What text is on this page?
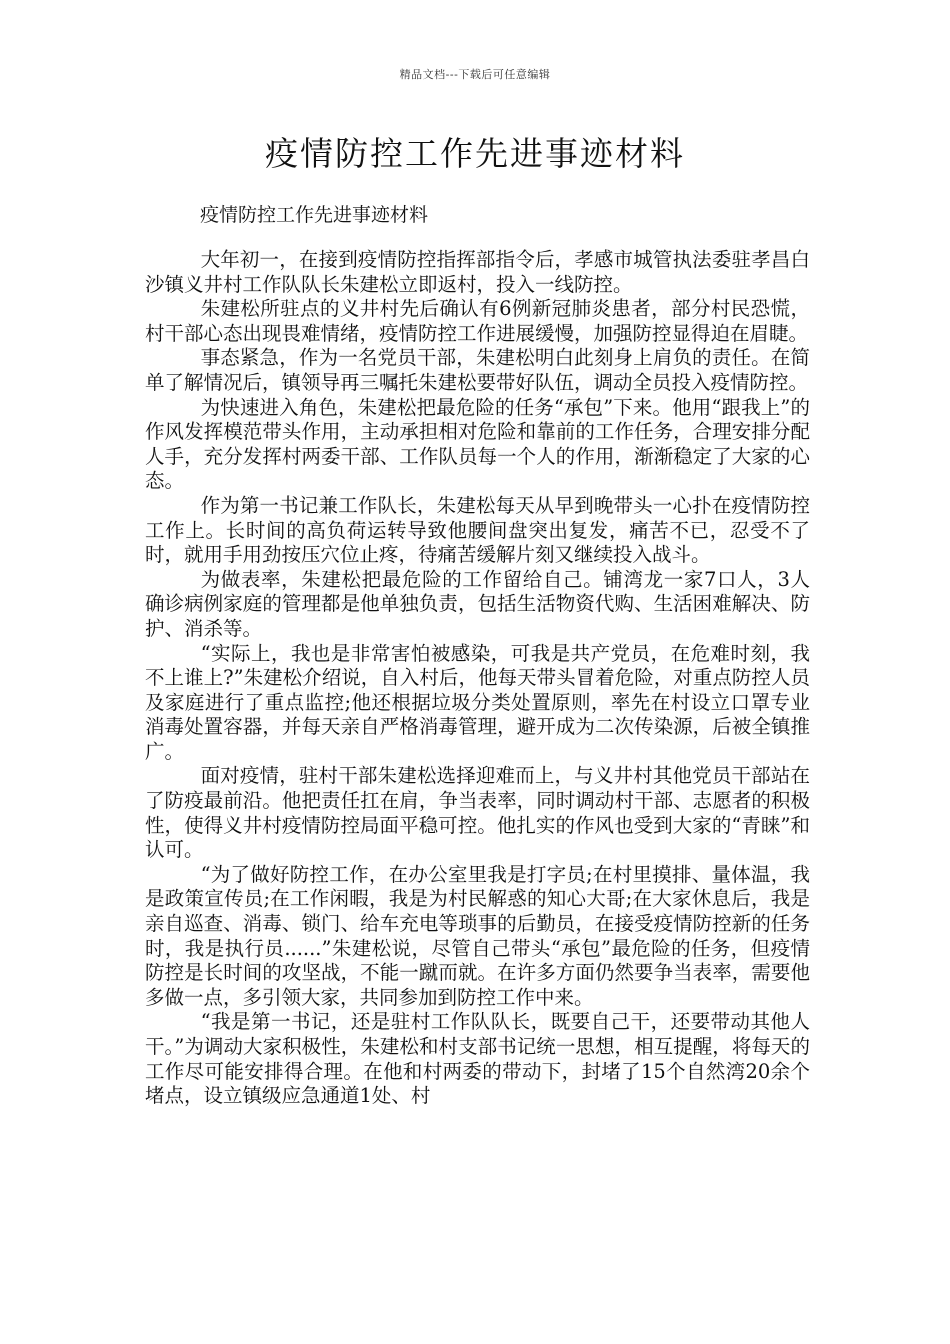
精品文档---下载后可任意编辑
疫情防控工作先进事迹材料

疫情防控工作先进事迹材料

大年初一，在接到疫情防控指挥部指令后，孝感市城管执法委驻孝昌白沙镇义井村工作队队长朱建松立即返村，投入一线防控。

朱建松所驻点的义井村先后确认有6例新冠肺炎患者，部分村民恐慌，村干部心态出现畏难情绪，疫情防控工作进展缓慢，加强防控显得迫在眉睫。

事态紧急，作为一名党员干部，朱建松明白此刻身上肩负的责任。在简单了解情况后，镇领导再三嘱托朱建松要带好队伍，调动全员投入疫情防控。

为快速进入角色，朱建松把最危险的任务“承包”下来。他用“跟我上”的作风发挥模范带头作用，主动承担相对危险和靠前的工作任务，合理安排分配人手，充分发挥村两委干部、工作队员每一个人的作用，渐渐稳定了大家的心态。

作为第一书记兼工作队长，朱建松每天从早到晚带头一心扑在疫情防控工作上。长时间的高负荷运转导致他腰间盘突出复发，痛苦不已，忍受不了时，就用手用劲按压穴位止疼，待痛苦缓解片刻又继续投入战斗。

为做表率，朱建松把最危险的工作留给自己。铺湾龙一家7口人，3人确诊病例家庭的管理都是他单独负责，包括生活物资代购、生活困难解决、防护、消杀等。

“实际上，我也是非常害怕被感染，可我是共产党员，在危难时刻，我不上谁上?”朱建松介绍说，自入村后，他每天带头冒着危险，对重点防控人员及家庭进行了重点监控;他还根据垃圾分类处置原则，率先在村设立口罩专业消毒处置容器，并每天亲自严格消毒管理，避开成为二次传染源，后被全镇推广。

面对疫情，驻村干部朱建松选择迎难而上，与义井村其他党员干部站在了防疫最前沿。他把责任扛在肩，争当表率，同时调动村干部、志愿者的积极性，使得义井村疫情防控局面平稳可控。他扎实的作风也受到大家的“青睐”和认可。

“为了做好防控工作，在办公室里我是打字员;在村里摸排、量体温，我是政策宣传员;在工作闲暇，我是为村民解惑的知心大哥;在大家休息后，我是亲自巡查、消毒、锁门、给车充电等琐事的后勤员，在接受疫情防控新的任务时，我是执行员......”朱建松说，尽管自己带头“承包”最危险的任务，但疫情防控是长时间的攻坚战，不能一蹴而就。在许多方面仍然要争当表率，需要他多做一点，多引领大家，共同参加到防控工作中来。

“我是第一书记，还是驻村工作队队长，既要自己干，还要带动其他人干。”为调动大家积极性，朱建松和村支部书记统一思想，相互提醒，将每天的工作尽可能安排得合理。在他和村两委的带动下，封堵了15个自然湾20余个堵点，设立镇级应急通道1处、村
